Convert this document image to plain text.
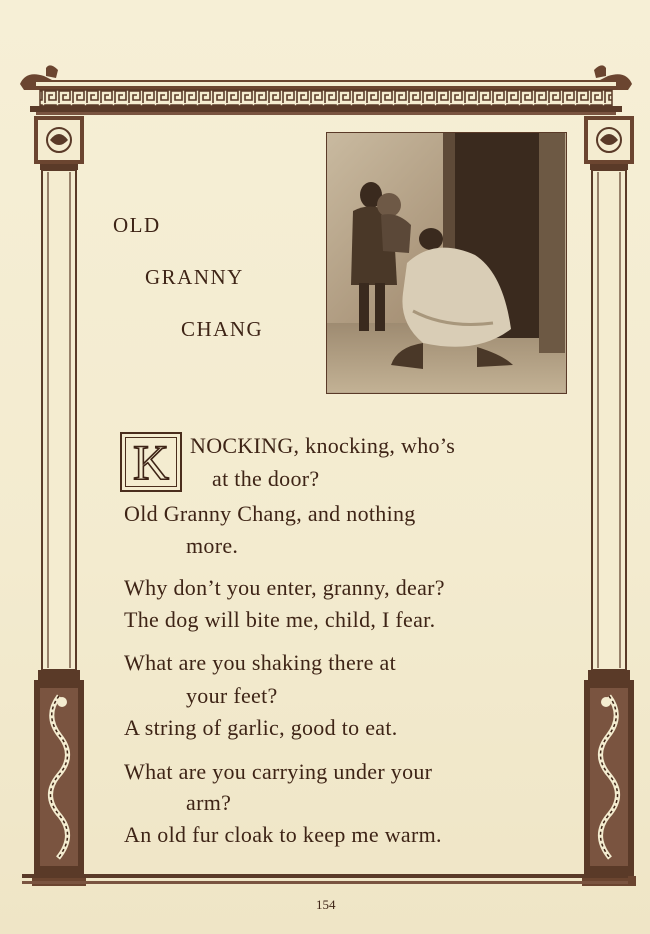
OLD

GRANNY

CHANG

K NOCKING, knocking, who’s

at the door?

Old Granny Chang, and nothing

more.

Why don’t you enter, granny, dear?

The dog will bite me, child, I fear.

What are you shaking there at

your feet?

A string of garlic, good to eat.

What are you carrying under your

arm?

An old fur cloak to keep me warm.

154
